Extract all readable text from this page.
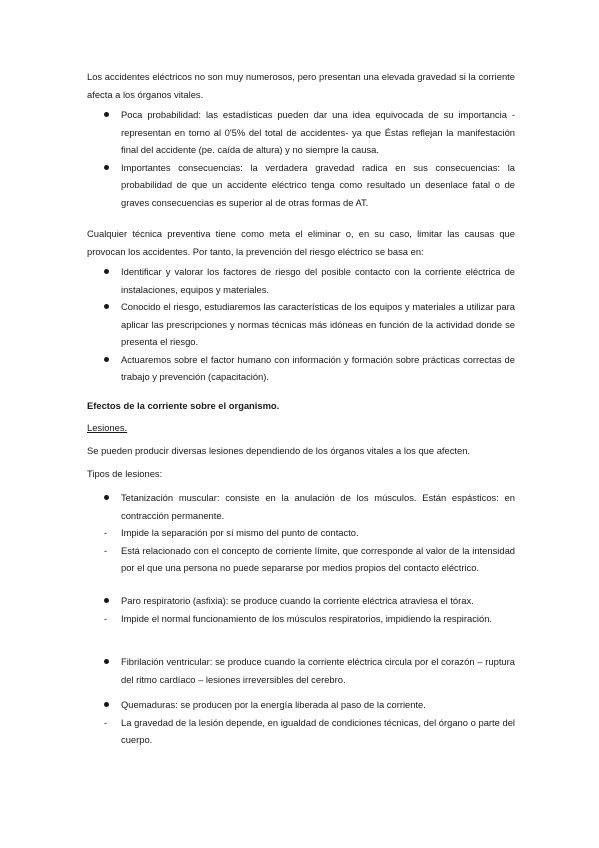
Los accidentes eléctricos no son muy numerosos, pero presentan una elevada gravedad si la corriente afecta a los órganos vitales.

Poca probabilidad: las estadísticas pueden dar una idea equivocada de su importancia - representan en torno al 0'5% del total de accidentes- ya que Éstas reflejan la manifestación final del accidente (pe. caída de altura) y no siempre la causa.
Importantes consecuencias: la verdadera gravedad radica en sus consecuencias: la probabilidad de que un accidente eléctrico tenga como resultado un desenlace fatal o de graves consecuencias es superior al de otras formas de AT.

Cualquier técnica preventiva tiene como meta el eliminar o, en su caso, limitar las causas que provocan los accidentes. Por tanto, la prevención del riesgo eléctrico se basa en:

Identificar y valorar los factores de riesgo del posible contacto con la corriente eléctrica de instalaciones, equipos y materiales.
Conocido el riesgo, estudiaremos las características de los equipos y materiales a utilizar para aplicar las prescripciones y normas técnicas más idóneas en función de la actividad donde se presenta el riesgo.
Actuaremos sobre el factor humano con información y formación sobre prácticas correctas de trabajo y prevención (capacitación).

Efectos de la corriente sobre el organismo.

Lesiones.

Se pueden producir diversas lesiones dependiendo de los órganos vitales a los que afecten.

Tipos de lesiones:

Tetanización muscular: consiste en la anulación de los músculos. Están espásticos: en contracción permanente.
- Impide la separación por sí mismo del punto de contacto.
- Está relacionado con el concepto de corriente límite, que corresponde al valor de la intensidad por el que una persona no puede separarse por medios propios del contacto eléctrico.
Paro respiratorio (asfixia): se produce cuando la corriente eléctrica atraviesa el tórax.
- Impide el normal funcionamiento de los músculos respiratorios, impidiendo la respiración.
Fibrilación ventricular: se produce cuando la corriente eléctrica circula por el corazón – ruptura del ritmo cardíaco – lesiones irreversibles del cerebro.
Quemaduras: se producen por la energía liberada al paso de la corriente.
- La gravedad de la lesión depende, en igualdad de condiciones técnicas, del órgano o parte del cuerpo.
